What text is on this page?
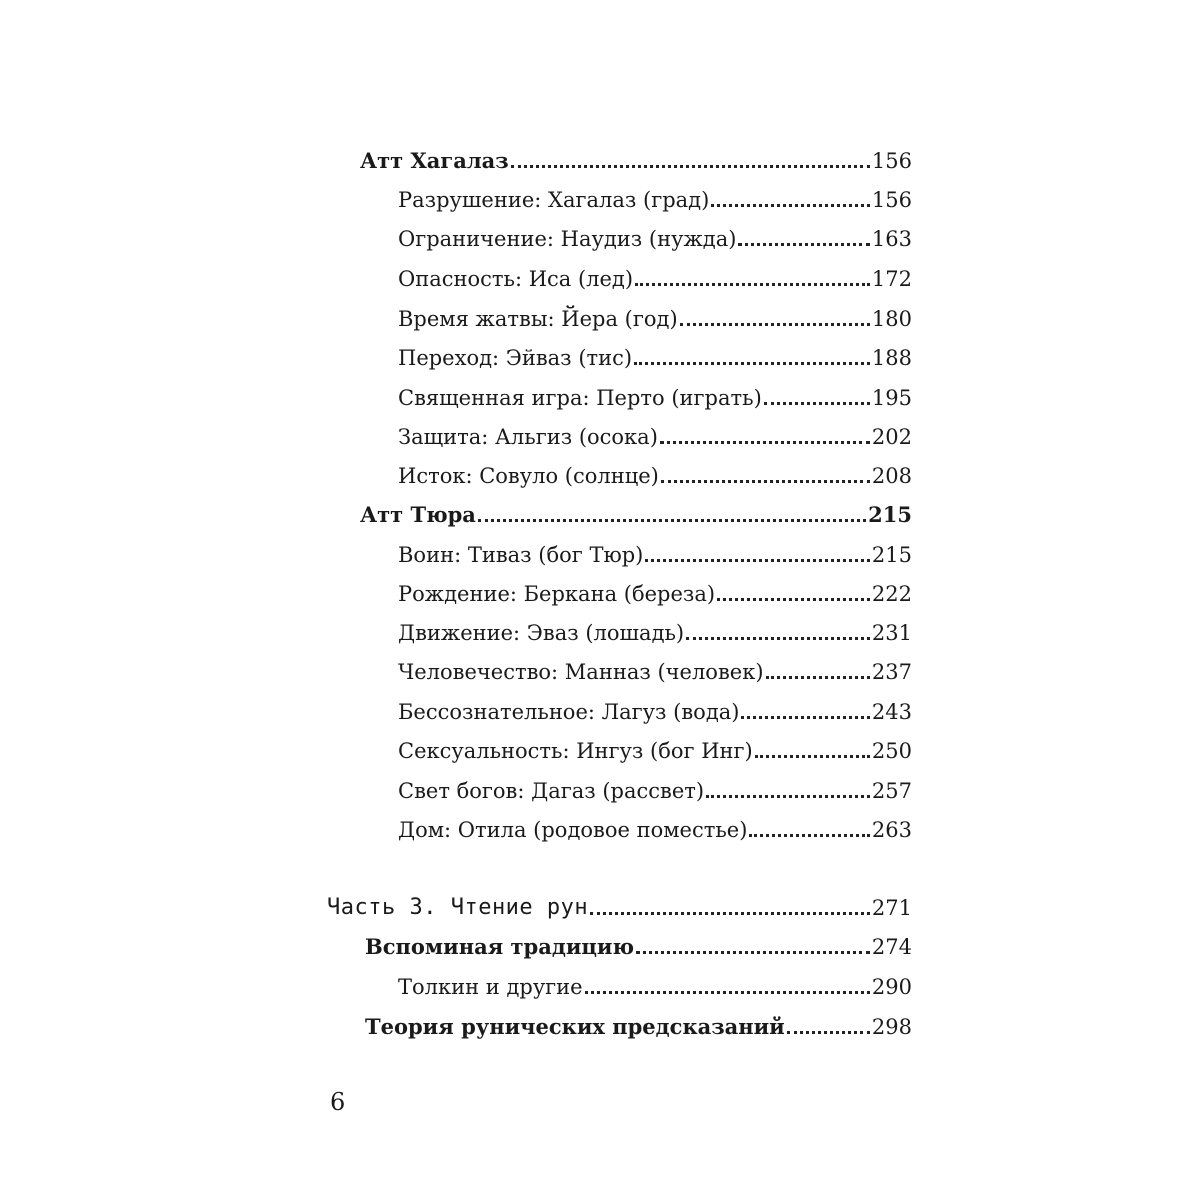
Атт Хагалаз	156
Разрушение: Хагалаз (град)	156
Ограничение: Наудиз (нужда)	163
Опасность: Иса (лед)	172
Время жатвы: Йера (год)	180
Переход: Эйваз (тис)	188
Священная игра: Перто (играть)	195
Защита: Альгиз (осока)	202
Исток: Совуло (солнце)	208
Атт Тюра	215
Воин: Тиваз (бог Тюр)	215
Рождение: Беркана (береза)	222
Движение: Эваз (лошадь)	231
Человечество: Манназ (человек)	237
Бессознательное: Лагуз (вода)	243
Сексуальность: Ингуз (бог Инг)	250
Свет богов: Дагаз (рассвет)	257
Дом: Отила (родовое поместье)	263
Часть 3. Чтение рун	271
Вспоминая традицию	274
Толкин и другие	290
Теория рунических предсказаний	298
6
